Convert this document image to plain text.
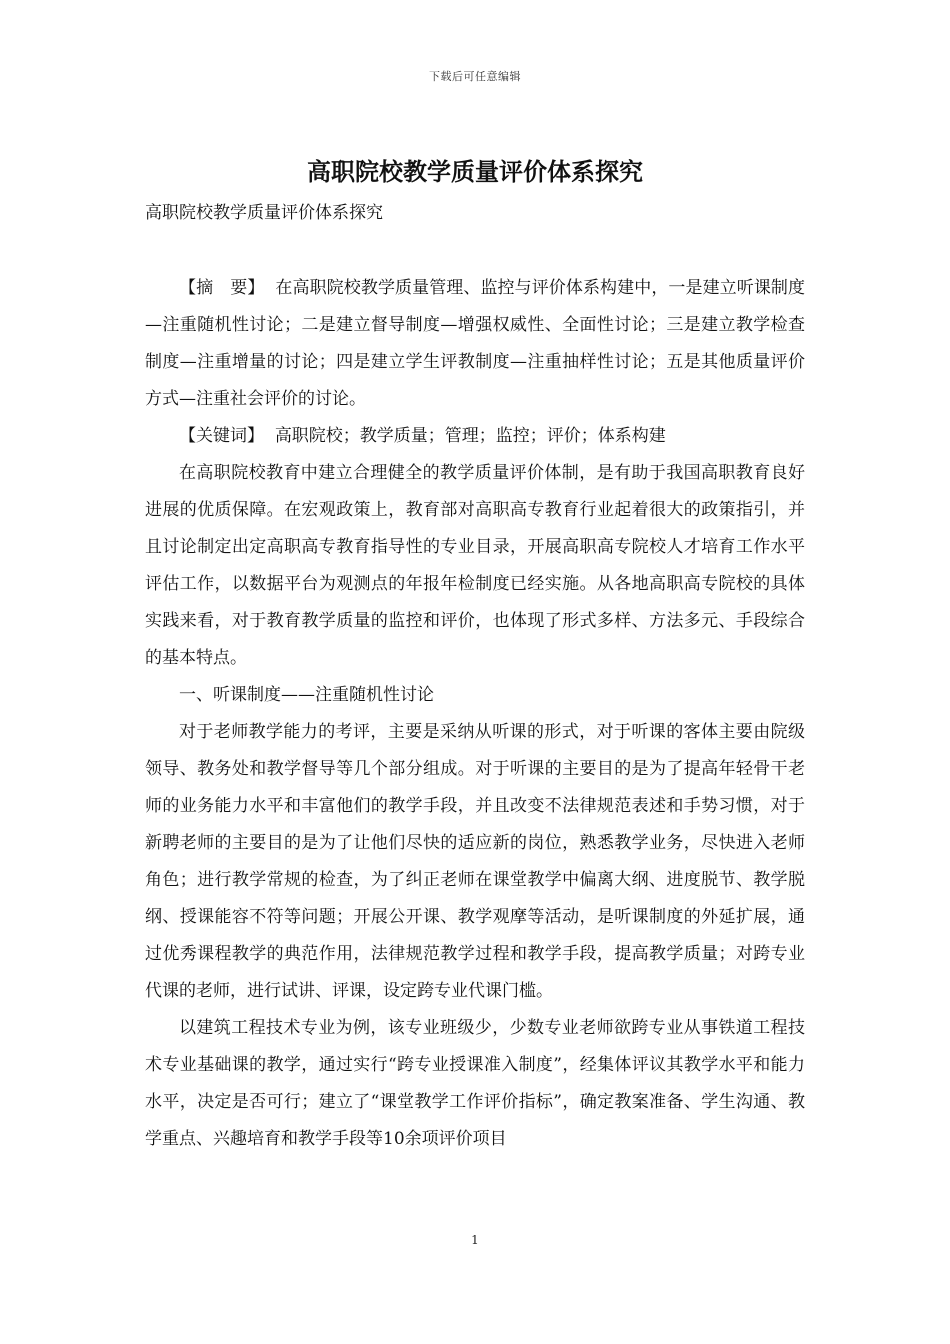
下载后可任意编辑
高职院校教学质量评价体系探究
高职院校教学质量评价体系探究

【摘　要】 在高职院校教学质量管理、监控与评价体系构建中，一是建立听课制度—注重随机性讨论；二是建立督导制度—增强权威性、全面性讨论；三是建立教学检查制度—注重增量的讨论；四是建立学生评教制度—注重抽样性讨论；五是其他质量评价方式—注重社会评价的讨论。

【关键词】 高职院校；教学质量；管理；监控；评价；体系构建

在高职院校教育中建立合理健全的教学质量评价体制，是有助于我国高职教育良好进展的优质保障。在宏观政策上，教育部对高职高专教育行业起着很大的政策指引，并且讨论制定出定高职高专教育指导性的专业目录，开展高职高专院校人才培育工作水平评估工作，以数据平台为观测点的年报年检制度已经实施。从各地高职高专院校的具体实践来看，对于教育教学质量的监控和评价，也体现了形式多样、方法多元、手段综合的基本特点。

一、听课制度——注重随机性讨论

对于老师教学能力的考评，主要是采纳从听课的形式，对于听课的客体主要由院级领导、教务处和教学督导等几个部分组成。对于听课的主要目的是为了提高年轻骨干老师的业务能力水平和丰富他们的教学手段，并且改变不法律规范表述和手势习惯，对于新聘老师的主要目的是为了让他们尽快的适应新的岗位，熟悉教学业务，尽快进入老师角色；进行教学常规的检查，为了纠正老师在课堂教学中偏离大纲、进度脱节、教学脱纲、授课能容不符等问题；开展公开课、教学观摩等活动，是听课制度的外延扩展，通过优秀课程教学的典范作用，法律规范教学过程和教学手段，提高教学质量；对跨专业代课的老师，进行试讲、评课，设定跨专业代课门槛。

以建筑工程技术专业为例，该专业班级少，少数专业老师欲跨专业从事铁道工程技术专业基础课的教学，通过实行“跨专业授课准入制度”，经集体评议其教学水平和能力水平，决定是否可行；建立了“课堂教学工作评价指标”，确定教案准备、学生沟通、教学重点、兴趣培育和教学手段等10余项评价项目

1
